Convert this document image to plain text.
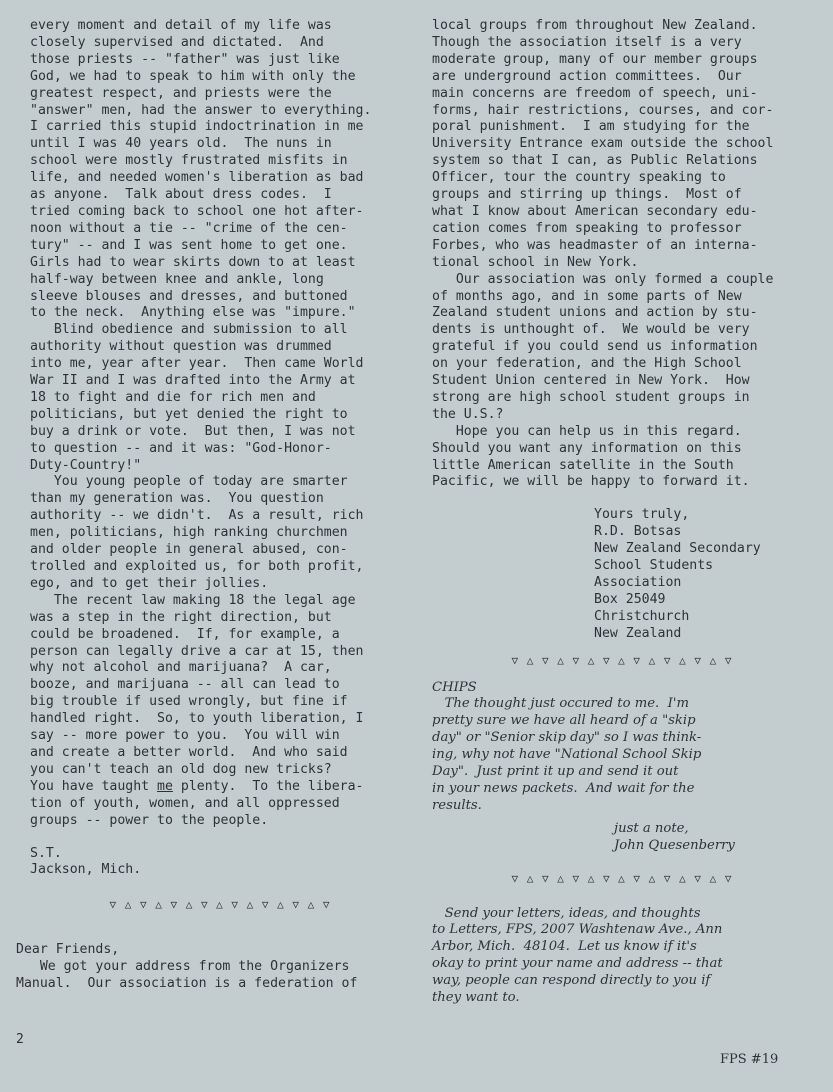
every moment and detail of my life was

closely supervised and dictated.  And

those priests -- "father" was just like

God, we had to speak to him with only the

greatest respect, and priests were the

"answer" men, had the answer to everything.

I carried this stupid indoctrination in me

until I was 40 years old.  The nuns in

school were mostly frustrated misfits in

life, and needed women's liberation as bad

as anyone.  Talk about dress codes.  I

tried coming back to school one hot after-

noon without a tie -- "crime of the cen-

tury" -- and I was sent home to get one.

Girls had to wear skirts down to at least

half-way between knee and ankle, long

sleeve blouses and dresses, and buttoned

to the neck.  Anything else was "impure."

Blind obedience and submission to all

authority without question was drummed

into me, year after year.  Then came World

War II and I was drafted into the Army at

18 to fight and die for rich men and

politicians, but yet denied the right to

buy a drink or vote.  But then, I was not

to question -- and it was: "God-Honor-

Duty-Country!"

You young people of today are smarter

than my generation was.  You question

authority -- we didn't.  As a result, rich

men, politicians, high ranking churchmen

and older people in general abused, con-

trolled and exploited us, for both profit,

ego, and to get their jollies.

The recent law making 18 the legal age

was a step in the right direction, but

could be broadened.  If, for example, a

person can legally drive a car at 15, then

why not alcohol and marijuana?  A car,

booze, and marijuana -- all can lead to

big trouble if used wrongly, but fine if

handled right.  So, to youth liberation, I

say -- more power to you.  You will win

and create a better world.  And who said

you can't teach an old dog new tricks?

You have taught me plenty.  To the libera-

tion of youth, women, and all oppressed

groups -- power to the people.

S.T.

Jackson, Mich.

▽ △ ▽ △ ▽ △ ▽ △ ▽ △ ▽ △ ▽ △ ▽

Dear Friends,

We got your address from the Organizers

Manual.  Our association is a federation of

local groups from throughout New Zealand.

Though the association itself is a very

moderate group, many of our member groups

are underground action committees.  Our

main concerns are freedom of speech, uni-

forms, hair restrictions, courses, and cor-

poral punishment.  I am studying for the

University Entrance exam outside the school

system so that I can, as Public Relations

Officer, tour the country speaking to

groups and stirring up things.  Most of

what I know about American secondary edu-

cation comes from speaking to professor

Forbes, who was headmaster of an interna-

tional school in New York.

Our association was only formed a couple

of months ago, and in some parts of New

Zealand student unions and action by stu-

dents is unthought of.  We would be very

grateful if you could send us information

on your federation, and the High School

Student Union centered in New York.  How

strong are high school student groups in

the U.S.?

Hope you can help us in this regard.

Should you want any information on this

little American satellite in the South

Pacific, we will be happy to forward it.

Yours truly,

R.D. Botsas

New Zealand Secondary

School Students

Association

Box 25049

Christchurch

New Zealand

▽ △ ▽ △ ▽ △ ▽ △ ▽ △ ▽ △ ▽ △ ▽

CHIPS

The thought just occured to me.  I'm

pretty sure we have all heard of a "skip

day" or "Senior skip day" so I was think-

ing, why not have "National School Skip

Day".  Just print it up and send it out

in your news packets.  And wait for the

results.

just a note,

John Quesenberry

▽ △ ▽ △ ▽ △ ▽ △ ▽ △ ▽ △ ▽ △ ▽

Send your letters, ideas, and thoughts

to Letters, FPS, 2007 Washtenaw Ave., Ann

Arbor, Mich.  48104.  Let us know if it's

okay to print your name and address -- that

way, people can respond directly to you if

they want to.

2
FPS #19
